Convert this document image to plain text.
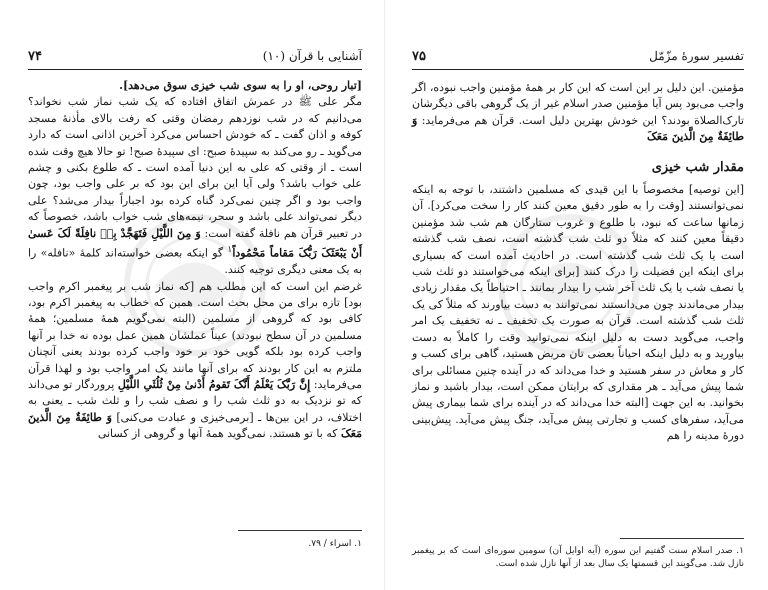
آشنایی با قرآن (۱۰)
۷۴

[تبار روحی، او را به سوی شب خیزی سوق می‌دهد].

مگر علی ﷺ در عمرش اتفاق افتاده که یک شب نماز شب نخواند؟ می‌دانیم که در شب نوزدهم رمضان وقتی که رفت بالای مأذنهٔ مسجد کوفه و اذان گفت ـ که خودش احساس می‌کرد آخرین اذانی است که دارد می‌گوید ـ رو می‌کند به سپیدهٔ صبح: ای سپیدهٔ صبح! تو حالا هیچ وقت شده است ـ از وقتی که علی به این دنیا آمده است ـ که طلوع بکنی و چشم علی خواب باشد؟ ولی آیا این برای این بود که بر علی واجب بود، چون واجب بود و اگر چنین نمی‌کرد گناه کرده بود اجباراً بیدار می‌شد؟ علی دیگر نمی‌تواند علی باشد و سحر، نیمه‌های شب خواب باشد، خصوصاً که در تعبیر قرآن هم نافلة گفته است: وَ مِنَ اللَّیْلِ فَتَهَجَّدْ بِهٖ نافِلَةً لَکَ عَسىٰ أَنْ یَبْعَثَکَ رَبُّکَ مَقاماً مَحْمُوداً$^۱$ گو اینکه بعضی خواسته‌اند کلمهٔ «نافله» را به یک معنی دیگری توجیه کنند.

غرضم این است که این مطلب هم [که نماز شب بر پیغمبر اکرم واجب بود] تازه برای من محل بحث است. همین که خطاب به پیغمبر اکرم بود، کافی بود که گروهی از مسلمین (البته نمی‌گویم همهٔ مسلمین؛ همهٔ مسلمین در آن سطح نبودند) عیناً عملشان همین عمل بوده نه خدا بر آنها واجب کرده بود بلکه گویی خود بر خود واجب کرده بودند یعنی آنچنان ملتزم به این کار بودند که برای آنها مانند یک امر واجب بود و لهذا قرآن می‌فرماید: إِنَّ رَبَّکَ یَعْلَمُ أَنَّکَ تَقومُ أَدْنىٰ مِنْ ثُلُثَیِ اللَّیْلِ پروردگار تو می‌داند که تو نزدیک به دو ثلث شب را و نصف شب را و ثلث شب ـ یعنی به اختلاف، در این بین‌ها ـ [برمی‌خیزی و عبادت می‌کنی] وَ طائِفَةٌ مِنَ الَّذینَ مَعَکَ که با تو هستند. نمی‌گوید همهٔ آنها و گروهی از کسانی

۱. اسراء / ۷۹.
تفسیر سورهٔ مزّمّل
۷۵

مؤمنین. این دلیل بر این است که این کار بر همهٔ مؤمنین واجب نبوده، اگر واجب می‌بود پس آیا مؤمنین صدر اسلام غیر از یک گروهی باقی دیگرشان تارک‌الصلاة بودند؟ این خودش بهترین دلیل است. قرآن هم می‌فرماید: وَ طائِفَةٌ مِنَ الَّذینَ مَعَکَ

مقدار شب خیزی

[این توصیه] مخصوصاً با این قیدی که مسلمین داشتند، با توجه به اینکه نمی‌توانستند [وقت را به طور دقیق معین کنند کار را سخت می‌کرد]. آن زمانها ساعت که نبود، با طلوع و غروب ستارگان هم شب شد مؤمنین دقیقاً معین کنند که مثلاً دو ثلث شب گذشته است، نصف شب گذشته است یا یک ثلث شب گذشته است. در احادیث آمده است که بسیاری برای اینکه این فضیلت را درک کنند [برای اینکه می‌خواستند دو ثلث شب یا نصف شب یا یک ثلث آخر شب را بیدار بمانند ـ احتیاطاً یک مقدار زیادی بیدار می‌ماندند چون می‌دانستند نمی‌توانند به دست بیاورند که مثلاً کی یک ثلث شب گذشته است. قرآن به صورت یک تخفیف ـ نه تخفیف یک امر واجب، می‌گوید دست به دلیل اینکه نمی‌توانید وقت را کاملاً به دست بیاورید و به دلیل اینکه احیاناً بعضی تان مریض هستید، گاهی برای کسب و کار و معاش در سفر هستید و خدا می‌داند که در آینده چنین مسائلی برای شما پیش می‌آید ـ هر مقداری که برایتان ممکن است، بیدار باشید و نماز بخوانید. به این جهت [البته خدا می‌داند که در آینده برای شما بیماری پیش می‌آید، سفرهای کسب و تجارتی پیش می‌آید، جنگ پیش می‌آید. پیش‌بینی دورهٔ مدینه را هم

۱. صدر اسلام سنت گفتیم این سوره (آیه اوایل آن) سومین سوره‌ای است که بر پیغمبر نازل شد. می‌گویند این قسمتها یک سال بعد از آنها نازل شده است.
